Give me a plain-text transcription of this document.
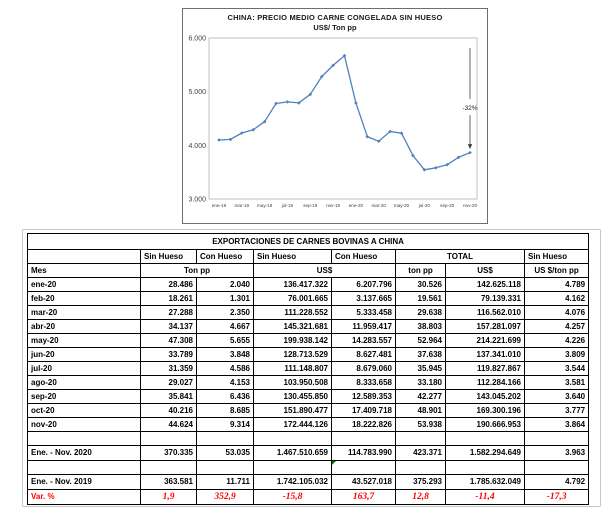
CHINA: PRECIO MEDIO CARNE CONGELADA SIN HUESO
US$/ Ton pp
6.000
5.000
4.000
3.000
ene-19 mar-19 may-19 jul-19 sep-19 nov-19 ene-20 mar-20 may-20 jul-20 sep-20 nov-20
-32%
EXPORTACIONES DE CARNES BOVINAS A CHINA							
	Sin Hueso	Con Hueso	Sin Hueso	Con Hueso	TOTAL		Sin Hueso
Mes	Ton pp		US$		ton pp	US$	US $/ton pp
ene-20	28.486	2.040	136.417.322	6.207.796	30.526	142.625.118	4.789
feb-20	18.261	1.301	76.001.665	3.137.665	19.561	79.139.331	4.162
mar-20	27.288	2.350	111.228.552	5.333.458	29.638	116.562.010	4.076
abr-20	34.137	4.667	145.321.681	11.959.417	38.803	157.281.097	4.257
may-20	47.308	5.655	199.938.142	14.283.557	52.964	214.221.699	4.226
jun-20	33.789	3.848	128.713.529	8.627.481	37.638	137.341.010	3.809
jul-20	31.359	4.586	111.148.807	8.679.060	35.945	119.827.867	3.544
ago-20	29.027	4.153	103.950.508	8.333.658	33.180	112.284.166	3.581
sep-20	35.841	6.436	130.455.850	12.589.353	42.277	143.045.202	3.640
oct-20	40.216	8.685	151.890.477	17.409.718	48.901	169.300.196	3.777
nov-20	44.624	9.314	172.444.126	18.222.826	53.938	190.666.953	3.864

Ene. - Nov. 2020	370.335	53.035	1.467.510.659	114.783.990	423.371	1.582.294.649	3.963

Ene. - Nov. 2019	363.581	11.711	1.742.105.032	43.527.018	375.293	1.785.632.049	4.792
Var. %	1,9	352,9	-15,8	163,7	12,8	-11,4	-17,3
